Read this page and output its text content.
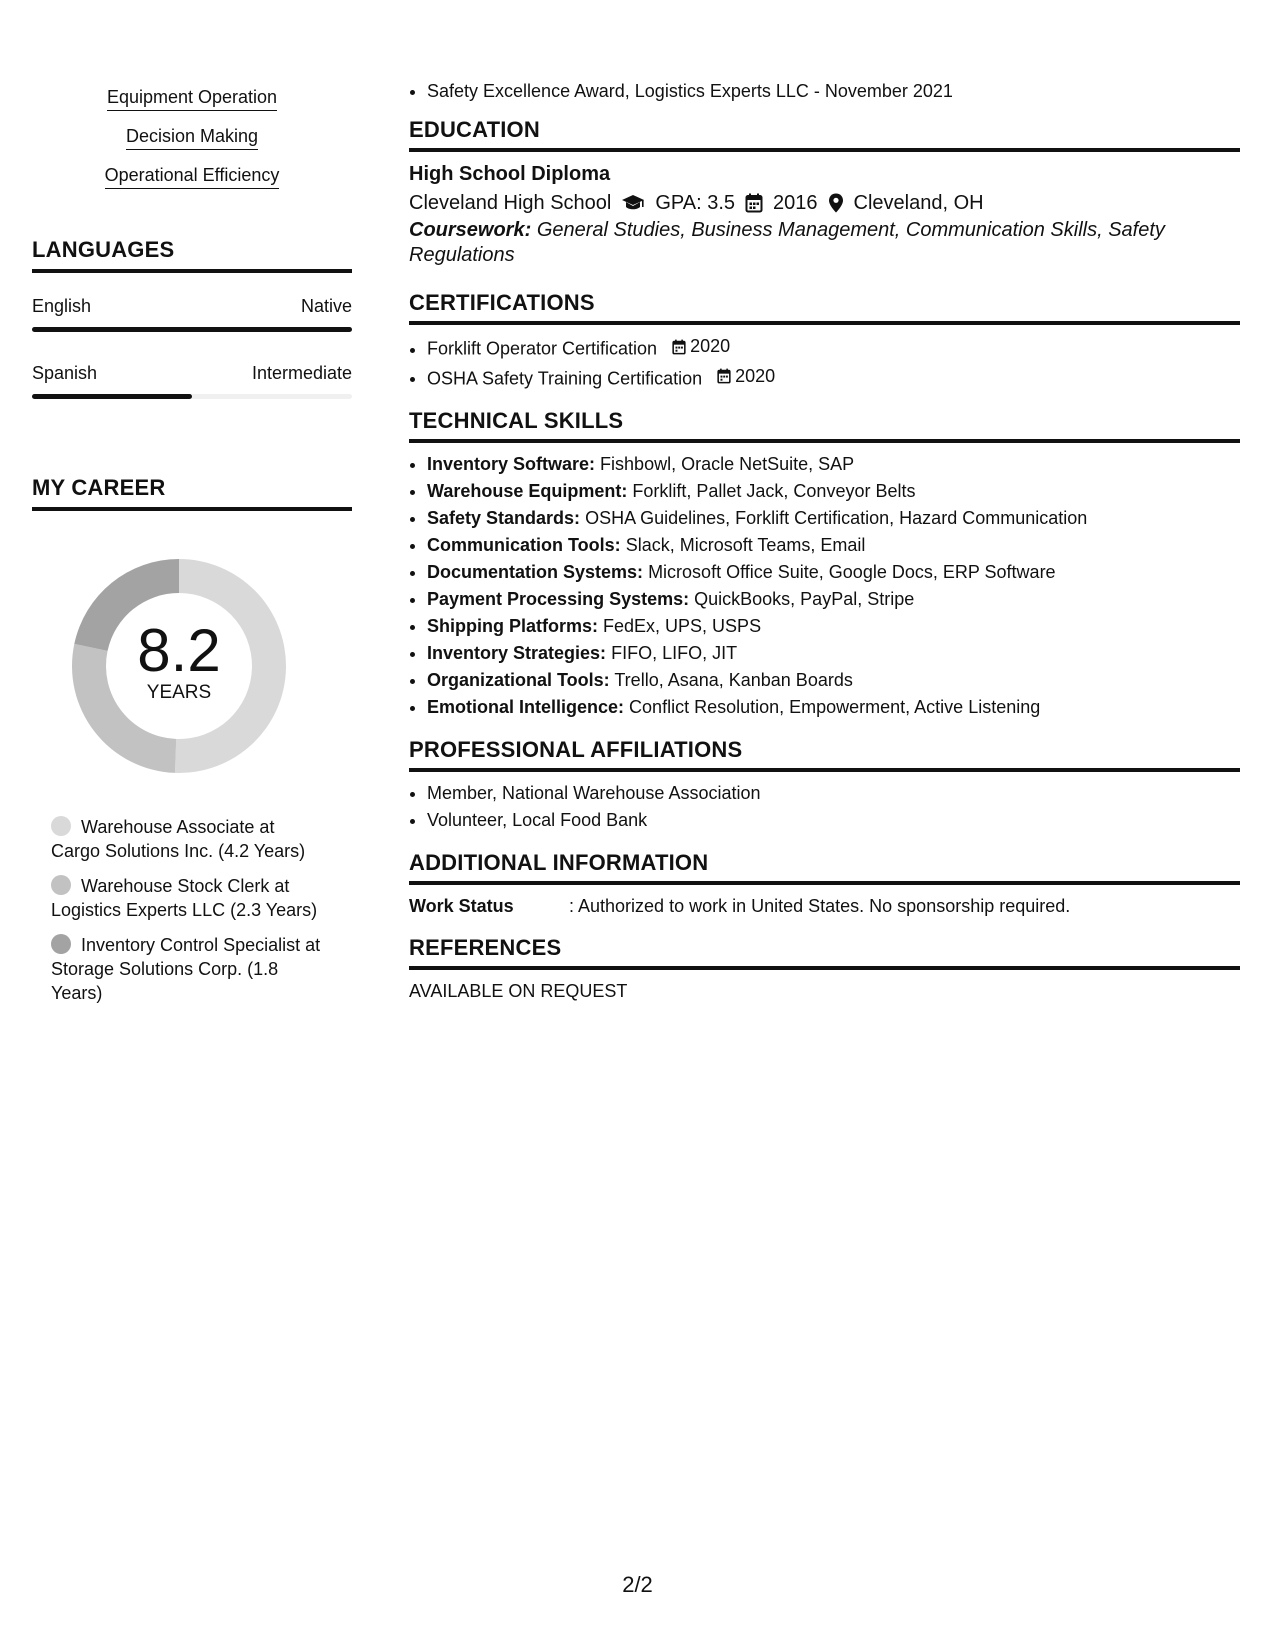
Equipment Operation
Decision Making
Operational Efficiency
LANGUAGES
English	Native
Spanish	Intermediate
MY CAREER
8.2
YEARS
Warehouse Associate at Cargo Solutions Inc. (4.2 Years)
Warehouse Stock Clerk at Logistics Experts LLC (2.3 Years)
Inventory Control Specialist at Storage Solutions Corp. (1.8 Years)
• Safety Excellence Award, Logistics Experts LLC - November 2021
EDUCATION
High School Diploma
Cleveland High School GPA: 3.5 2016 Cleveland, OH
Coursework: General Studies, Business Management, Communication Skills, Safety Regulations
CERTIFICATIONS
• Forklift Operator Certification 2020
• OSHA Safety Training Certification 2020
TECHNICAL SKILLS
• Inventory Software: Fishbowl, Oracle NetSuite, SAP
• Warehouse Equipment: Forklift, Pallet Jack, Conveyor Belts
• Safety Standards: OSHA Guidelines, Forklift Certification, Hazard Communication
• Communication Tools: Slack, Microsoft Teams, Email
• Documentation Systems: Microsoft Office Suite, Google Docs, ERP Software
• Payment Processing Systems: QuickBooks, PayPal, Stripe
• Shipping Platforms: FedEx, UPS, USPS
• Inventory Strategies: FIFO, LIFO, JIT
• Organizational Tools: Trello, Asana, Kanban Boards
• Emotional Intelligence: Conflict Resolution, Empowerment, Active Listening
PROFESSIONAL AFFILIATIONS
• Member, National Warehouse Association
• Volunteer, Local Food Bank
ADDITIONAL INFORMATION
Work Status	: Authorized to work in United States. No sponsorship required.
REFERENCES
AVAILABLE ON REQUEST
2/2
